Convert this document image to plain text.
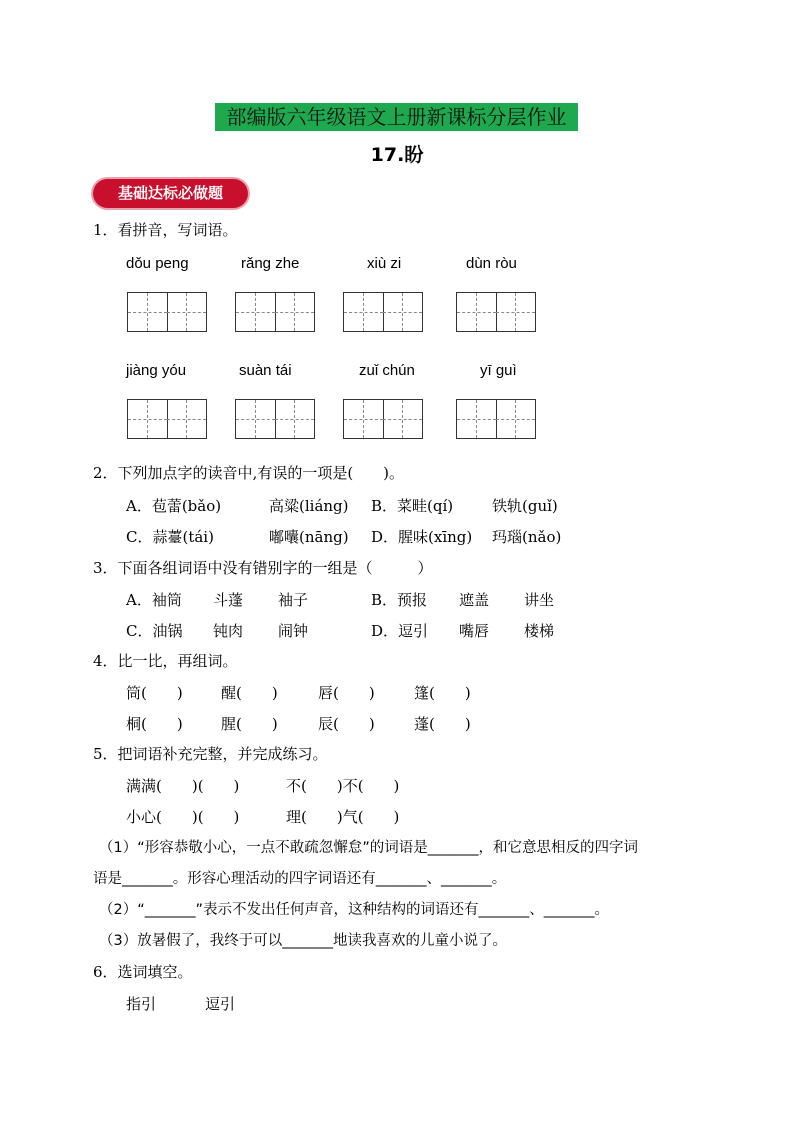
部编版六年级语文上册新课标分层作业
17.盼
基础达标必做题
1．看拼音，写词语。
dǒu peng	rǎng zhe	xiù zi	dùn ròu
jiàng yóu	suàn tái	zuǐ chún	yī guì
2．下列加点字的读音中,有误的一项是(　　)。
A．苞蕾(bǎo)	高粱(liáng) B．菜畦(qí)	铁轨(guǐ)
C．蒜薹(tái)	嘟囔(nāng) D．腥味(xīng) 玛瑙(nǎo)
3．下面各组词语中没有错别字的一组是（　　　）
A．袖筒 斗蓬 袖子	B．预报 遮盖 讲坐
C．油锅 钝肉 闹钟	D．逗引 嘴唇 楼梯
4．比一比，再组词。
筒(　　)	醒(　　)	唇(　　)	篷(　　)
桐(　　)	腥(　　)	辰(　　)	蓬(　　)
5．把词语补充完整，并完成练习。
满满(　　)(　　)	不(　　)不(　　)
小心(　　)(　　)	理(　　)气(　　)
（1）“形容恭敬小心，一点不敢疏忽懈怠”的词语是_______，和它意思相反的四字词
语是_______。形容心理活动的四字词语还有_______、_______。
（2）“_______”表示不发出任何声音，这种结构的词语还有_______、_______。
（3）放暑假了，我终于可以_______地读我喜欢的儿童小说了。
6．选词填空。
指引	逗引
